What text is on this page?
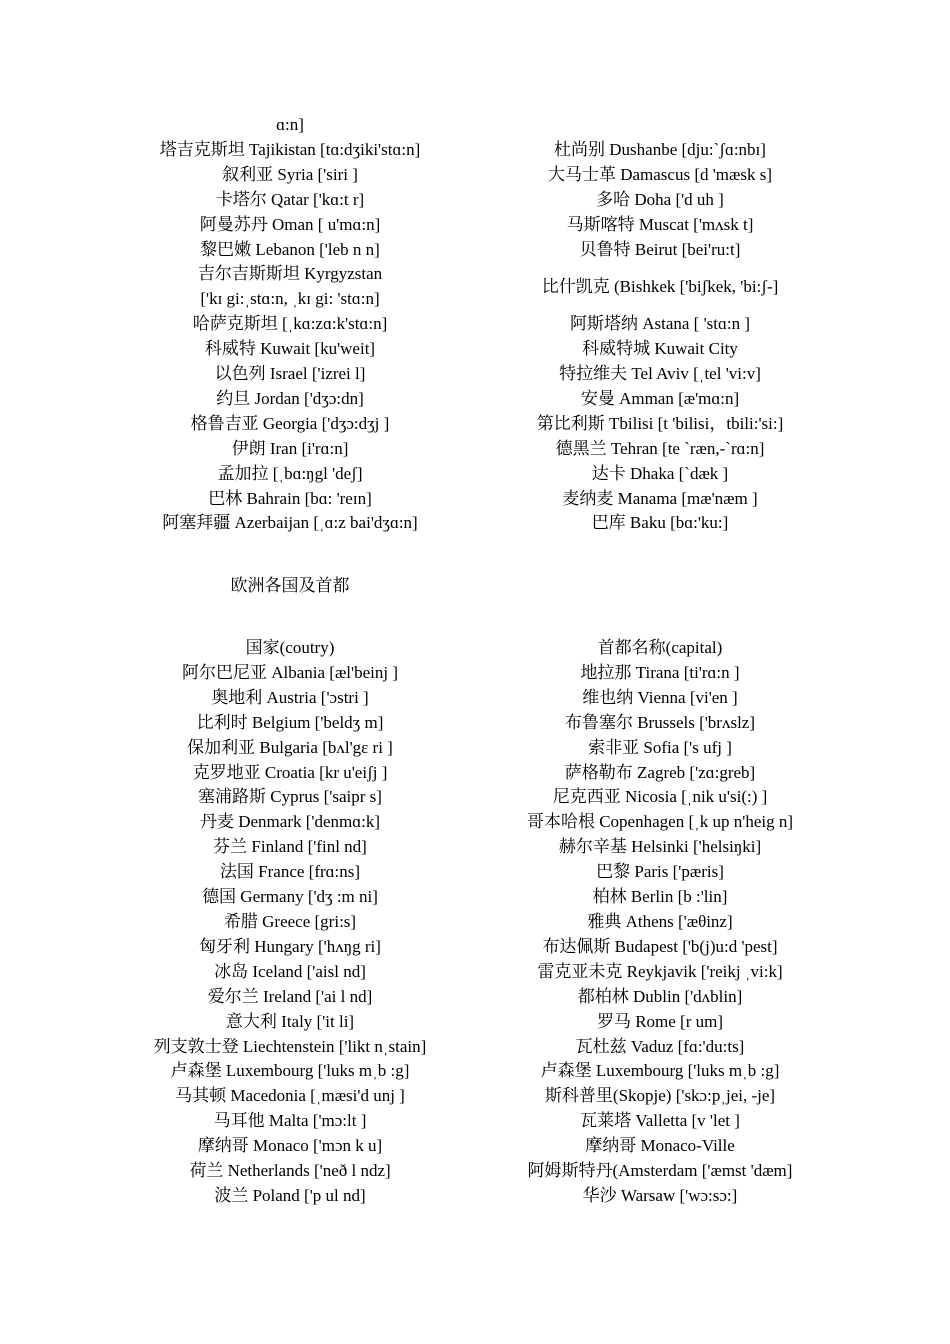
ɑ:n]	
塔吉克斯坦 Tajikistan [tɑ:dʒiki'stɑ:n]	杜尚别 Dushanbe [dju:`ʃɑ:nbɪ]
叙利亚 Syria ['siri ]	大马士革 Damascus [d 'mæsk s]
卡塔尔 Qatar ['kɑ:t r]	多哈 Doha ['d uh ]
阿曼苏丹 Oman [ u'mɑ:n]	马斯喀特 Muscat ['mʌsk t]
黎巴嫩 Lebanon ['leb n n]	贝鲁特 Beirut [bei'ru:t]

吉尔吉斯斯坦 Kyrgyzstan
['kɪ gi:ˌstɑ:n, ˌkɪ gi: 'stɑ:n]	比什凯克 (Bishkek ['biʃkek, 'bi:ʃ-]
哈萨克斯坦 [ˌkɑ:zɑ:k'stɑ:n]	阿斯塔纳 Astana [ 'stɑ:n ]
科威特 Kuwait [ku'weit]	科威特城 Kuwait City
以色列 Israel ['izrei l]	特拉维夫 Tel Aviv [ˌtel 'vi:v]
约旦 Jordan ['dʒɔ:dn]	安曼 Amman [æ'mɑ:n]
格鲁吉亚 Georgia ['dʒɔ:dʒj ]	第比利斯 Tbilisi [t 'bilisi，tbili:'si:]
伊朗 Iran [i'rɑ:n]	德黑兰 Tehran [te `ræn,-`rɑ:n]
孟加拉 [ˌbɑ:ŋgl 'deʃ]	达卡 Dhaka [`dæk ]
巴林 Bahrain [bɑ: 'reɪn]	麦纳麦 Manama [mæ'næm ]
阿塞拜疆 Azerbaijan [ˌɑ:z bai'dʒɑ:n]	巴库 Baku [bɑ:'ku:]
欧洲各国及首都
国家(coutry)	首都名称(capital)
阿尔巴尼亚 Albania [æl'beinj ]	地拉那 Tirana [ti'rɑ:n ]
奥地利 Austria ['ɔstri ]	维也纳 Vienna [vi'en ]
比利时 Belgium ['beldʒ m]	布鲁塞尔 Brussels ['brʌslz]
保加利亚 Bulgaria [bʌl'gɛ ri ]	索非亚 Sofia ['s ufj ]
克罗地亚 Croatia [kr u'eiʃj ]	萨格勒布 Zagreb ['zɑ:greb]
塞浦路斯 Cyprus ['saipr s]	尼克西亚 Nicosia [ˌnik u'si(:) ]
丹麦 Denmark ['denmɑ:k]	哥本哈根 Copenhagen [ˌk up n'heig n]
芬兰 Finland ['finl nd]	赫尔辛基 Helsinki ['helsiŋki]
法国 France [frɑ:ns]	巴黎 Paris ['pæris]
德国 Germany ['dʒ :m ni]	柏林 Berlin [b :'lin]
希腊 Greece [gri:s]	雅典 Athens ['æθinz]
匈牙利 Hungary ['hʌŋg ri]	布达佩斯 Budapest ['b(j)u:d 'pest]
冰岛 Iceland ['aisl nd]	雷克亚未克 Reykjavik ['reikj ˌvi:k]
爱尔兰 Ireland ['ai l nd]	都柏林 Dublin ['dʌblin]
意大利 Italy ['it li]	罗马 Rome [r um]
列支敦士登 Liechtenstein ['likt nˌstain]	瓦杜兹 Vaduz [fɑ:'du:ts]
卢森堡 Luxembourg ['luks mˌb :g]	卢森堡 Luxembourg ['luks mˌb :g]
马其顿 Macedonia [ˌmæsi'd unj ]	斯科普里(Skopje) ['skɔ:pˌjei, -je]
马耳他 Malta ['mɔ:lt ]	瓦莱塔 Valletta [v 'let ]
摩纳哥 Monaco ['mɔn k u]	摩纳哥 Monaco-Ville
荷兰 Netherlands ['neð l ndz]	阿姆斯特丹(Amsterdam ['æmst 'dæm]
波兰 Poland ['p ul nd]	华沙 Warsaw ['wɔ:sɔ:]
